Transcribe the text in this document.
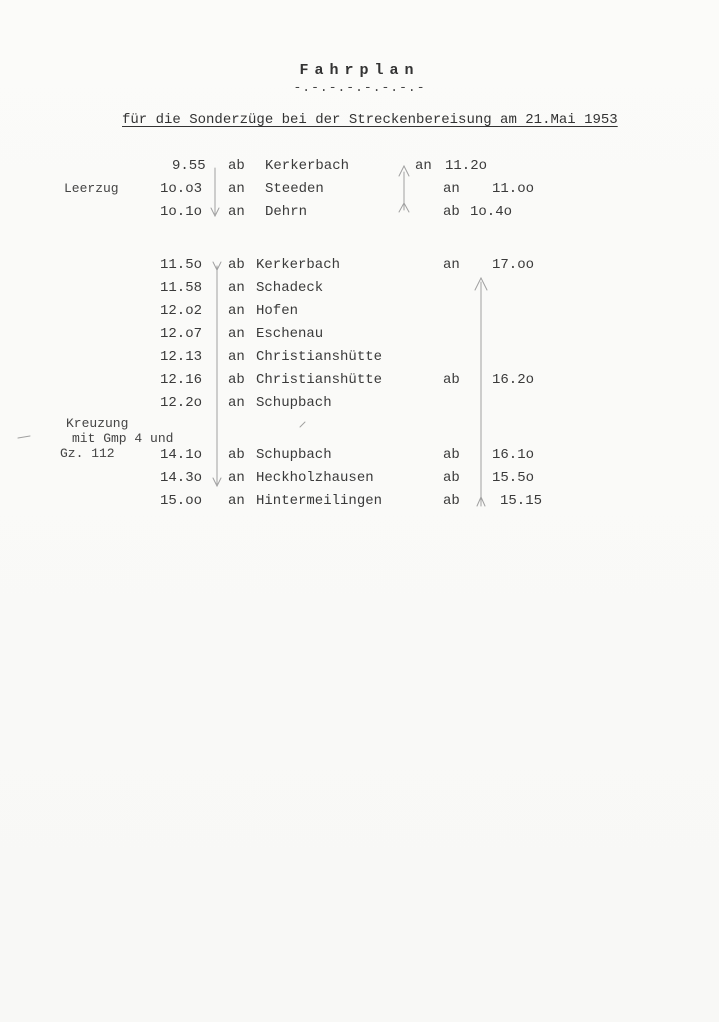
Fahrplan
-.-.-.-.-.-.-.-
für die Sonderzüge bei der Streckenbereisung am 21.Mai 1953
Leerzug
9.55 ab Kerkerbach	an 11.2o
1o.o3 an Steeden	an 11.oo
1o.1o an Dehrn	ab 1o.4o
11.5o ab Kerkerbach	an 17.oo
11.58 an Schadeck
12.o2 an Hofen
12.o7 an Eschenau
12.13 an Christianshütte
12.16 ab Christianshütte	ab 16.2o
12.2o an Schupbach
Kreuzung
mit Gmp 4 und
Gz. 112	14.1o ab Schupbach	ab 16.1o
14.3o an Heckholzhausen	ab 15.5o
15.oo an Hintermeilingen	ab	15.15
